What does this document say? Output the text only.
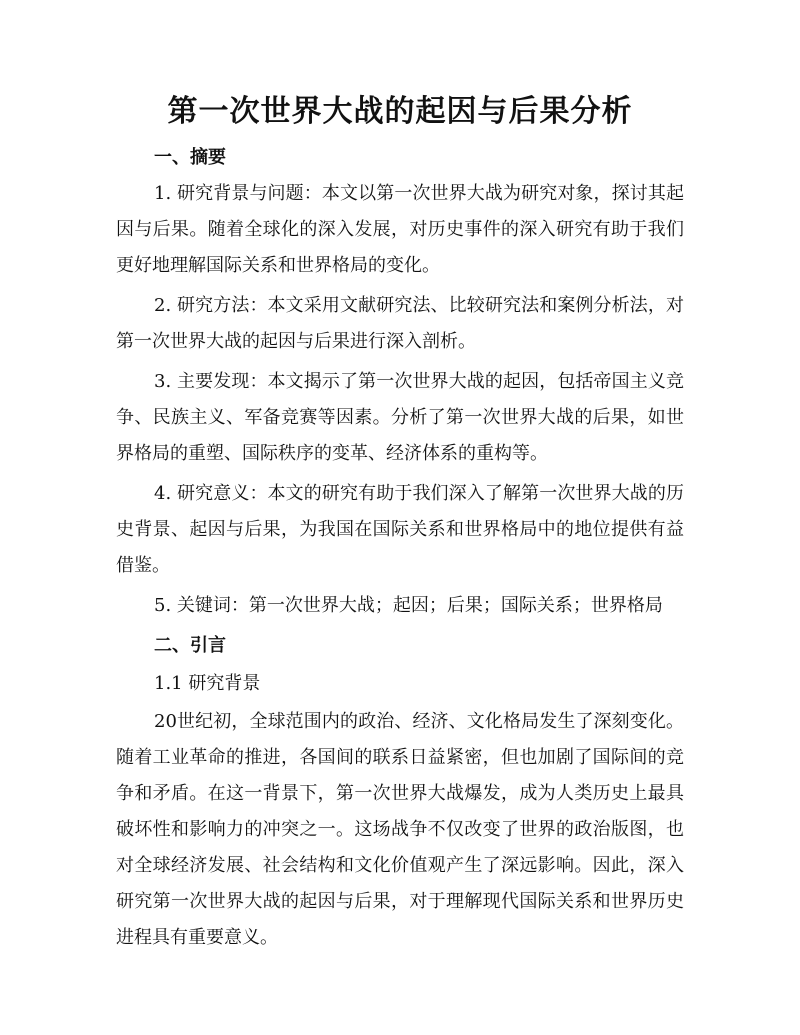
第一次世界大战的起因与后果分析
一、摘要

1. 研究背景与问题：本文以第一次世界大战为研究对象，探讨其起因与后果。随着全球化的深入发展，对历史事件的深入研究有助于我们更好地理解国际关系和世界格局的变化。

2. 研究方法：本文采用文献研究法、比较研究法和案例分析法，对第一次世界大战的起因与后果进行深入剖析。

3. 主要发现：本文揭示了第一次世界大战的起因，包括帝国主义竞争、民族主义、军备竞赛等因素。分析了第一次世界大战的后果，如世界格局的重塑、国际秩序的变革、经济体系的重构等。

4. 研究意义：本文的研究有助于我们深入了解第一次世界大战的历史背景、起因与后果，为我国在国际关系和世界格局中的地位提供有益借鉴。

5. 关键词：第一次世界大战；起因；后果；国际关系；世界格局

二、引言
1.1 研究背景

20世纪初，全球范围内的政治、经济、文化格局发生了深刻变化。随着工业革命的推进，各国间的联系日益紧密，但也加剧了国际间的竞争和矛盾。在这一背景下，第一次世界大战爆发，成为人类历史上最具破坏性和影响力的冲突之一。这场战争不仅改变了世界的政治版图，也对全球经济发展、社会结构和文化价值观产生了深远影响。因此，深入研究第一次世界大战的起因与后果，对于理解现代国际关系和世界历史进程具有重要意义。
